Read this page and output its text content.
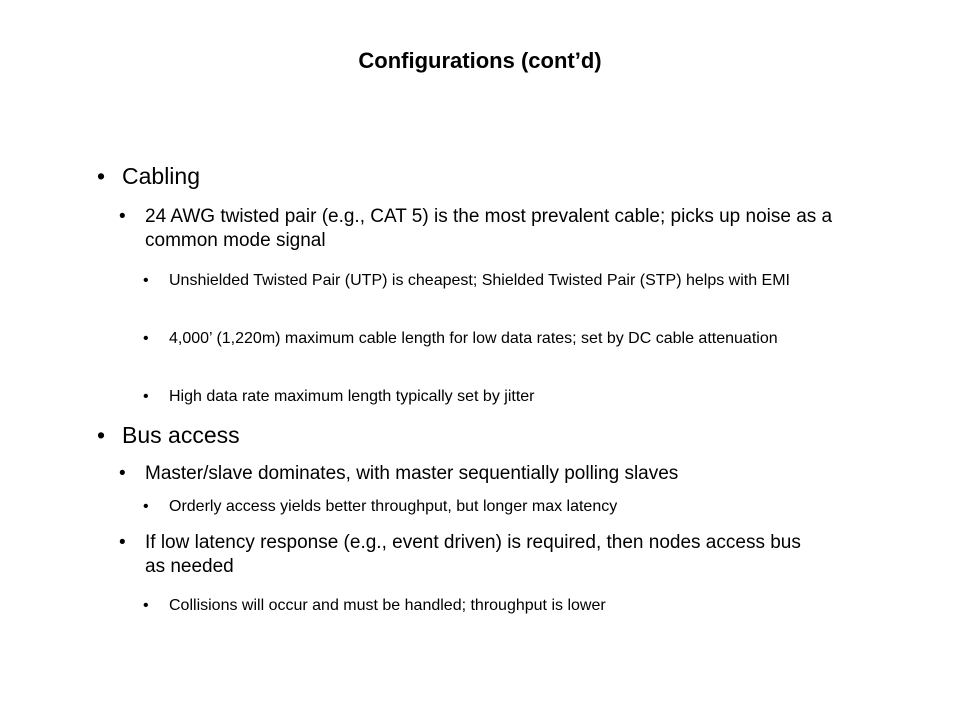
Configurations (cont’d)
• Cabling
•	24 AWG twisted pair (e.g., CAT 5) is the most prevalent cable; picks up noise as a common mode signal
•	Unshielded Twisted Pair (UTP) is cheapest; Shielded Twisted Pair (STP) helps with EMI
•	4,000’ (1,220m) maximum cable length for low data rates; set by DC cable attenuation
•	High data rate maximum length typically set by jitter
• Bus access
•	Master/slave dominates, with master sequentially polling slaves
•	Orderly access yields better throughput, but longer max latency
•	If low latency response (e.g., event driven) is required, then nodes access bus as needed
•	Collisions will occur and must be handled; throughput is lower
